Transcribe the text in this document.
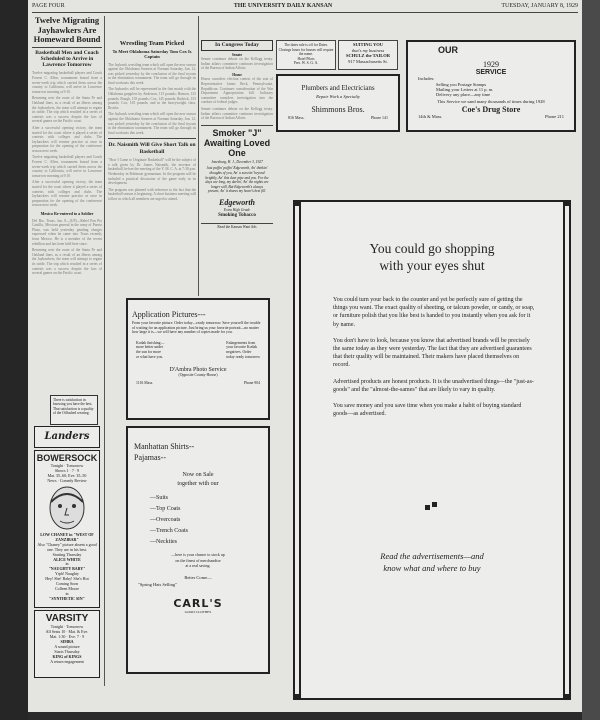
PAGE FOUR	THE UNIVERSITY DAILY KANSAN	TUESDAY, JANUARY 8, 1929
Twelve Migrating Jayhawkers Are Homeward Bound
Basketball Men and Coach Scheduled to Arrive in Lawrence Tomorrow

Twelve migrating basketball players and Coach Forrest C. Allen, tournament bound from a seven-week trip which carried them across the country to California, will arrive in Lawrence tomorrow morning at 9:10.

Returning over the route of the Santa Fe and Oakland lines, as a result of an illness among the Jayhawkers, the team will attempt to regain its stride. The trip which resulted in a series of contests was a success despite the loss of several games on the Pacific coast.

After a successful opening victory, the team started for the coast where it played a series of contests with colleges and clubs. The Jayhawkers will resume practice at once in preparation for the opening of the conference season next week.

Twelve migrating basketball players and Coach Forrest C. Allen, tournament bound from a seven-week trip which carried them across the country to California, will arrive in Lawrence tomorrow morning at 9:10.

After a successful opening victory, the team started for the coast where it played a series of contests with colleges and clubs. The Jayhawkers will resume practice at once in preparation for the opening of the conference season next week.

Mexico Re-entered to a Soldier

Del Rio, Texas, Jan. 8—(UP)—Rebel Pan Pio Castillo, Mexican general in the army of Puerto Plaza, was held yesterday pending charges expressed when he came into Texas recently from Mexico. He is a member of the recent rebellion and has been held here since.

Returning over the route of the Santa Fe and Oakland lines, as a result of an illness among the Jayhawkers, the team will attempt to regain its stride. The trip which resulted in a series of contests was a success despite the loss of several games on the Pacific coast.

There is satisfaction in knowing you have the best. That satisfaction is a quality of the Oilfashed wearing.

Landers
BOWERSOCK
Tonight · Tomorrow
Shows 1 · 7 · 9
Mat. 35–60; Eve. 35–50
News · Comedy Review
LOW CHANEY in "WEST OF ZANZIBAR"
Also "Chaney" picture absent a good one. They are in his best.
Starting Thursday
ALICE WHITE
in
"NAUGHTY BABY"
Yiph! Naughty
Hey! She! Baby! She's Hot
Coming Soon
Colleen Moore
in
"SYNTHETIC SIN"
VARSITY
Tonight · Tomorrow
All Seats 10 · Mat. & Eve.
Mat. 1:30 · Eve. 7 · 9
SIMBA
A sound picture
Starts Thursday
KING of KINGS
A return engagement
Wrestling Team Picked
To Meet Oklahoma Saturday Tom Cox Is Captain

The Jayhawk wrestling team which will open the new season against the Oklahoma Sooners at Norman Saturday, Jan. 12, was picked yesterday by the conclusion of the final tryouts in the elimination tournament. The team will go through its final workouts this week.

The Jayhawks will be represented in the first match with the Oklahoma grapplers by Anderson, 115 pounds; Hanson, 125 pounds; Rough, 135 pounds; Cox, 145 pounds; Rudrick, 155 pounds; Cox, 165 pounds; and in the heavyweight class, Brooks.

The Jayhawk wrestling team which will open the new season against the Oklahoma Sooners at Norman Saturday, Jan. 12, was picked yesterday by the conclusion of the final tryouts in the elimination tournament. The team will go through its final workouts this week.

Dr. Naismith Will Give Short Talk on Basketball

"How I Came to Originate Basketball" will be the subject of a talk given by Dr. James Naismith, the inventor of basketball, before the meeting of the Y. M. C. A. at 7:30 p.m. Wednesday in Robinson gymnasium. In the program will be included a practical discussion of the game early in its development.

The program was planned with reference to the fact that the basketball season is beginning. A short business meeting will follow in which all members are urged to attend.

In Congress Today

Senate

Senate continues debate on the Kellogg treaty. Indian affairs committee continues investigation of the Bureau of Indian Affairs.

House

House considers election contest of the seat of Representative James Beck, Pennsylvania, Republican. Continues consideration of the War Department Appropriation bill. Judiciary committee considers investigation into the conduct of federal judges.

Senate continues debate on the Kellogg treaty. Indian affairs committee continues investigation of the Bureau of Indian Affairs.

Smoker "J" Awaiting Loved One

Jonesburg, H. J., December 3, 1927

Just puffin' puffin' Edgeworth, An' thinkin' thoughts of you, An' a sweetin' beyond brightly, An' this dear pipe and you. For the days are long, my darlin', An' the nights are longer still, But Edgeworth's always present, An' it shares my heart's best fill.

Edgeworth

Extra High Grade

Smoking Tobacco

Read the Kansan Want Ads

The dates rule is off for Dates.
Closings hours for houses will require the name.
Hotel Pilots
Pres. W. S. G. A.
SUITING YOU
that's my business
SCHULZ the TAILOR
917 Massachusetts St.
OUR
1929
SERVICE
Includes:
Selling you Postage Stamps
Mailing your Letters at 11 p. m.
Delivery any place—any time
This Service we sand many thousands of times during 1928
Coe's Drug Store
14th & Mass.	Phone 211
Plumbers and Electricians
Repair Work a Specialty
Shimmons Bros.
816 Mass.	Phone 141
Application Pictures---
From your favorite picture. Order today—ready tomorrow. Save yourself the trouble of waiting for an application picture. Just bring us your favorite portrait—no matter how large it is—we will have any number of copies made for you.
Kodak finishing—
more better under
the sun for more
or what have you.
Enlargements from
your favorite Kodak
negatives. Order
today ready tomorrow
D'Ambra Photo Service
(Opposite County House)
1116 Mass.	Phone 904
Manhattan Shirts--
Pajamas--
Now on Sale
together with our
—Suits
—Top Coats
—Overcoats
—Trench Coats
—Neckties
—here is your chance to stock up
on the finest of merchandise
at a real saving.
Better Come—
"Spring Hats Selling"
CARL'S
GOOD CLOTHES
You could go shopping
with your eyes shut

You could turn your back to the counter and yet be perfectly sure of getting the things you want. The exact quality of sheeting, or talcum powder, or candy, or soap, or furniture polish that you like best is handed to you instantly when you ask for it by name.

You don't have to look, because you know that advertised brands will be precisely the same today as they were yesterday. The fact that they are advertised guarantees that their quality will be maintained. Their makers have placed themselves on record.

Advertised products are honest products. It is the unadvertised things—the "just-as-goods" and the "almost-the-sames" that are likely to vary in quality.

You save money and you save time when you make a habit of buying standard goods—as advertised.

Read the advertisements—and
know what and where to buy
